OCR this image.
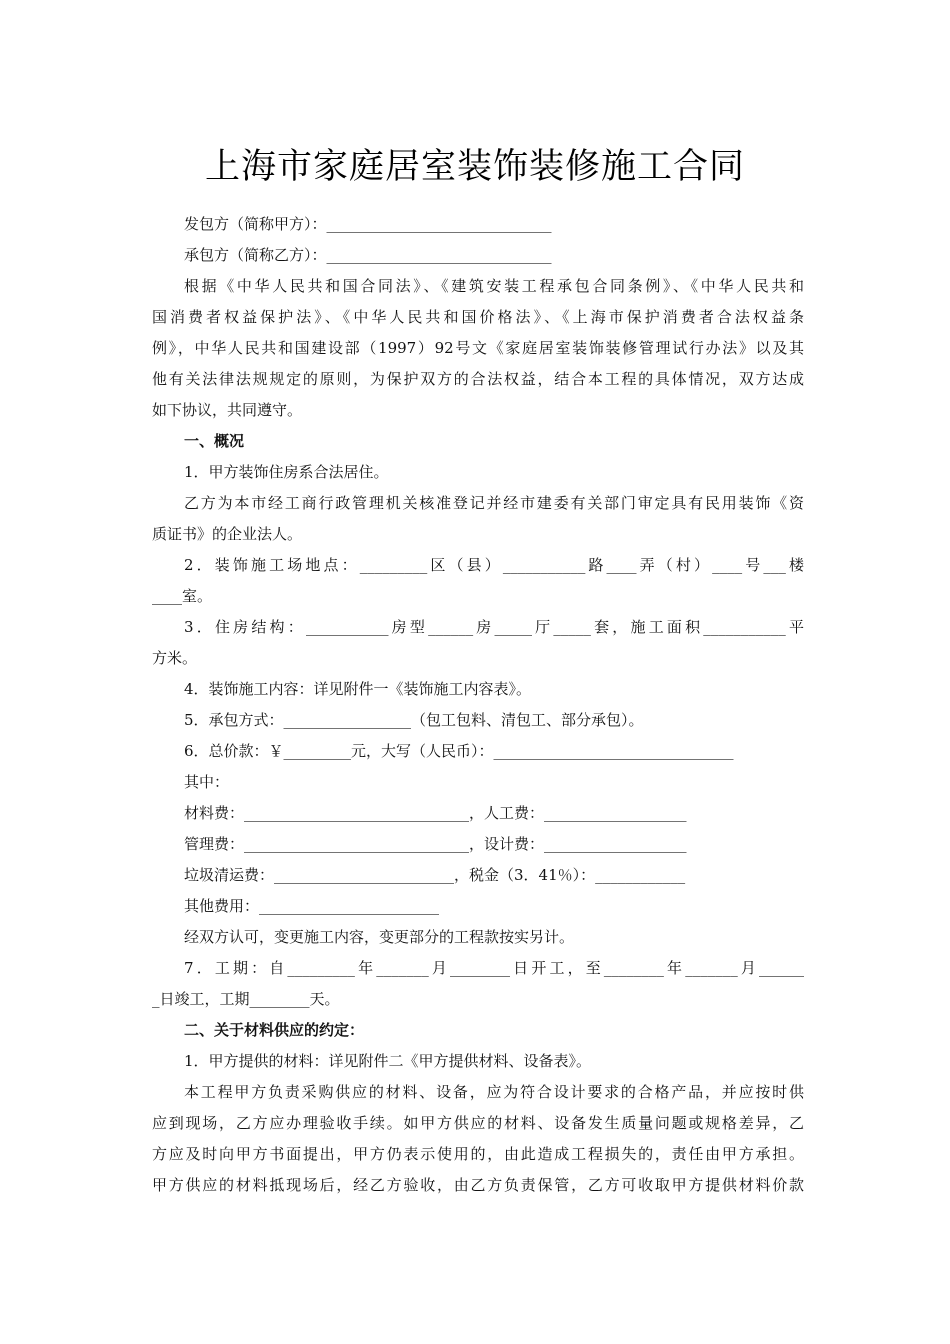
上海市家庭居室装饰装修施工合同
发包方（简称甲方）：______________________________
承包方（简称乙方）：______________________________
根据《中华人民共和国合同法》、《建筑安装工程承包合同条例》、《中华人民共和
国消费者权益保护法》、《中华人民共和国价格法》、《上海市保护消费者合法权益条
例》，中华人民共和国建设部（1997）92号文《家庭居室装饰装修管理试行办法》以及其
他有关法律法规规定的原则，为保护双方的合法权益，结合本工程的具体情况，双方达成
如下协议，共同遵守。
一、概况
1．甲方装饰住房系合法居住。
乙方为本市经工商行政管理机关核准登记并经市建委有关部门审定具有民用装饰《资
质证书》的企业法人。
2．装饰施工场地点：_________区（县）___________路____弄（村）____号___楼
____室。
3．住房结构：___________房型______房_____厅_____套，施工面积___________平
方米。
4．装饰施工内容：详见附件一《装饰施工内容表》。
5．承包方式：_________________（包工包料、清包工、部分承包）。
6．总价款：￥_________元，大写（人民币）：________________________________
其中：
材料费：______________________________，人工费：___________________
管理费：______________________________，设计费：___________________
垃圾清运费：________________________，税金（3．41％）：____________
其他费用：________________________
经双方认可，变更施工内容，变更部分的工程款按实另计。
7．工期：自_________年_______月________日开工，至________年_______月______
_日竣工，工期________天。
二、关于材料供应的约定：
1．甲方提供的材料：详见附件二《甲方提供材料、设备表》。
本工程甲方负责采购供应的材料、设备，应为符合设计要求的合格产品，并应按时供
应到现场，乙方应办理验收手续。如甲方供应的材料、设备发生质量问题或规格差异，乙
方应及时向甲方书面提出，甲方仍表示使用的，由此造成工程损失的，责任由甲方承担。
甲方供应的材料抵现场后，经乙方验收，由乙方负责保管，乙方可收取甲方提供材料价款
